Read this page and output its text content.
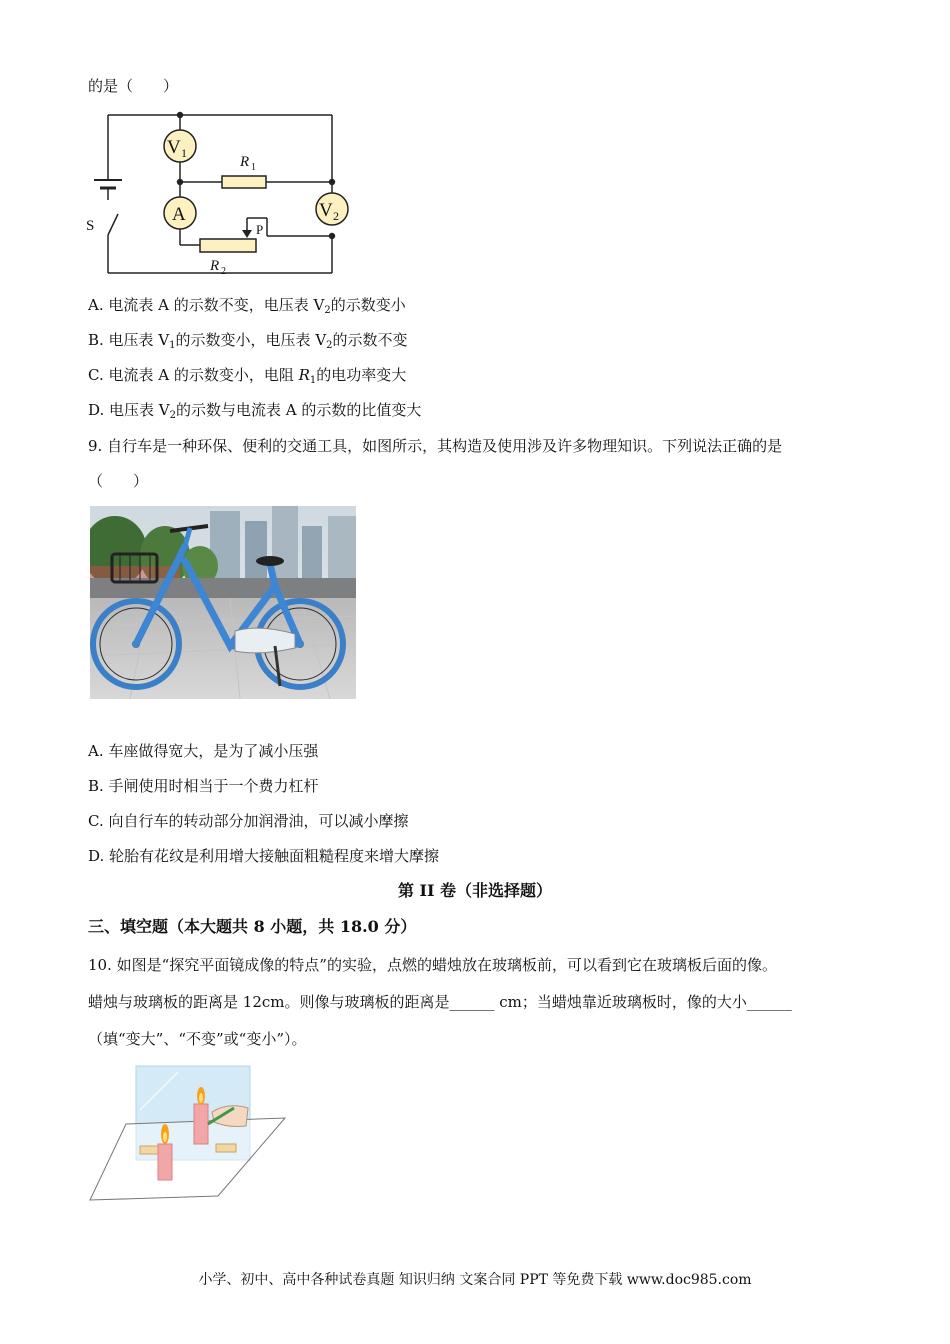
的是（　　）
V 1
A	V 2
R 1
R 2
P
S
A. 电流表 A 的示数不变，电压表 $V_2$的示数变小
B. 电压表 $V_1$的示数变小，电压表 $V_2$的示数不变
C. 电流表 A 的示数变小，电阻 $R_1$的电功率变大
D. 电压表 $V_2$的示数与电流表 A 的示数的比值变大
9. 自行车是一种环保、便利的交通工具，如图所示，其构造及使用涉及许多物理知识。下列说法正确的是
（　　）
A. 车座做得宽大，是为了减小压强
B. 手闸使用时相当于一个费力杠杆
C. 向自行车的转动部分加润滑油，可以减小摩擦
D. 轮胎有花纹是利用增大接触面粗糙程度来增大摩擦
第 II 卷（非选择题）
三、填空题（本大题共 8 小题，共 18.0 分）
10. 如图是“探究平面镜成像的特点”的实验，点燃的蜡烛放在玻璃板前，可以看到它在玻璃板后面的像。
蜡烛与玻璃板的距离是 12cm。则像与玻璃板的距离是______ cm；当蜡烛靠近玻璃板时，像的大小______
（填“变大”、“不变”或“变小”）。
小学、初中、高中各种试卷真题 知识归纳 文案合同 PPT 等免费下载 www.doc985.com
